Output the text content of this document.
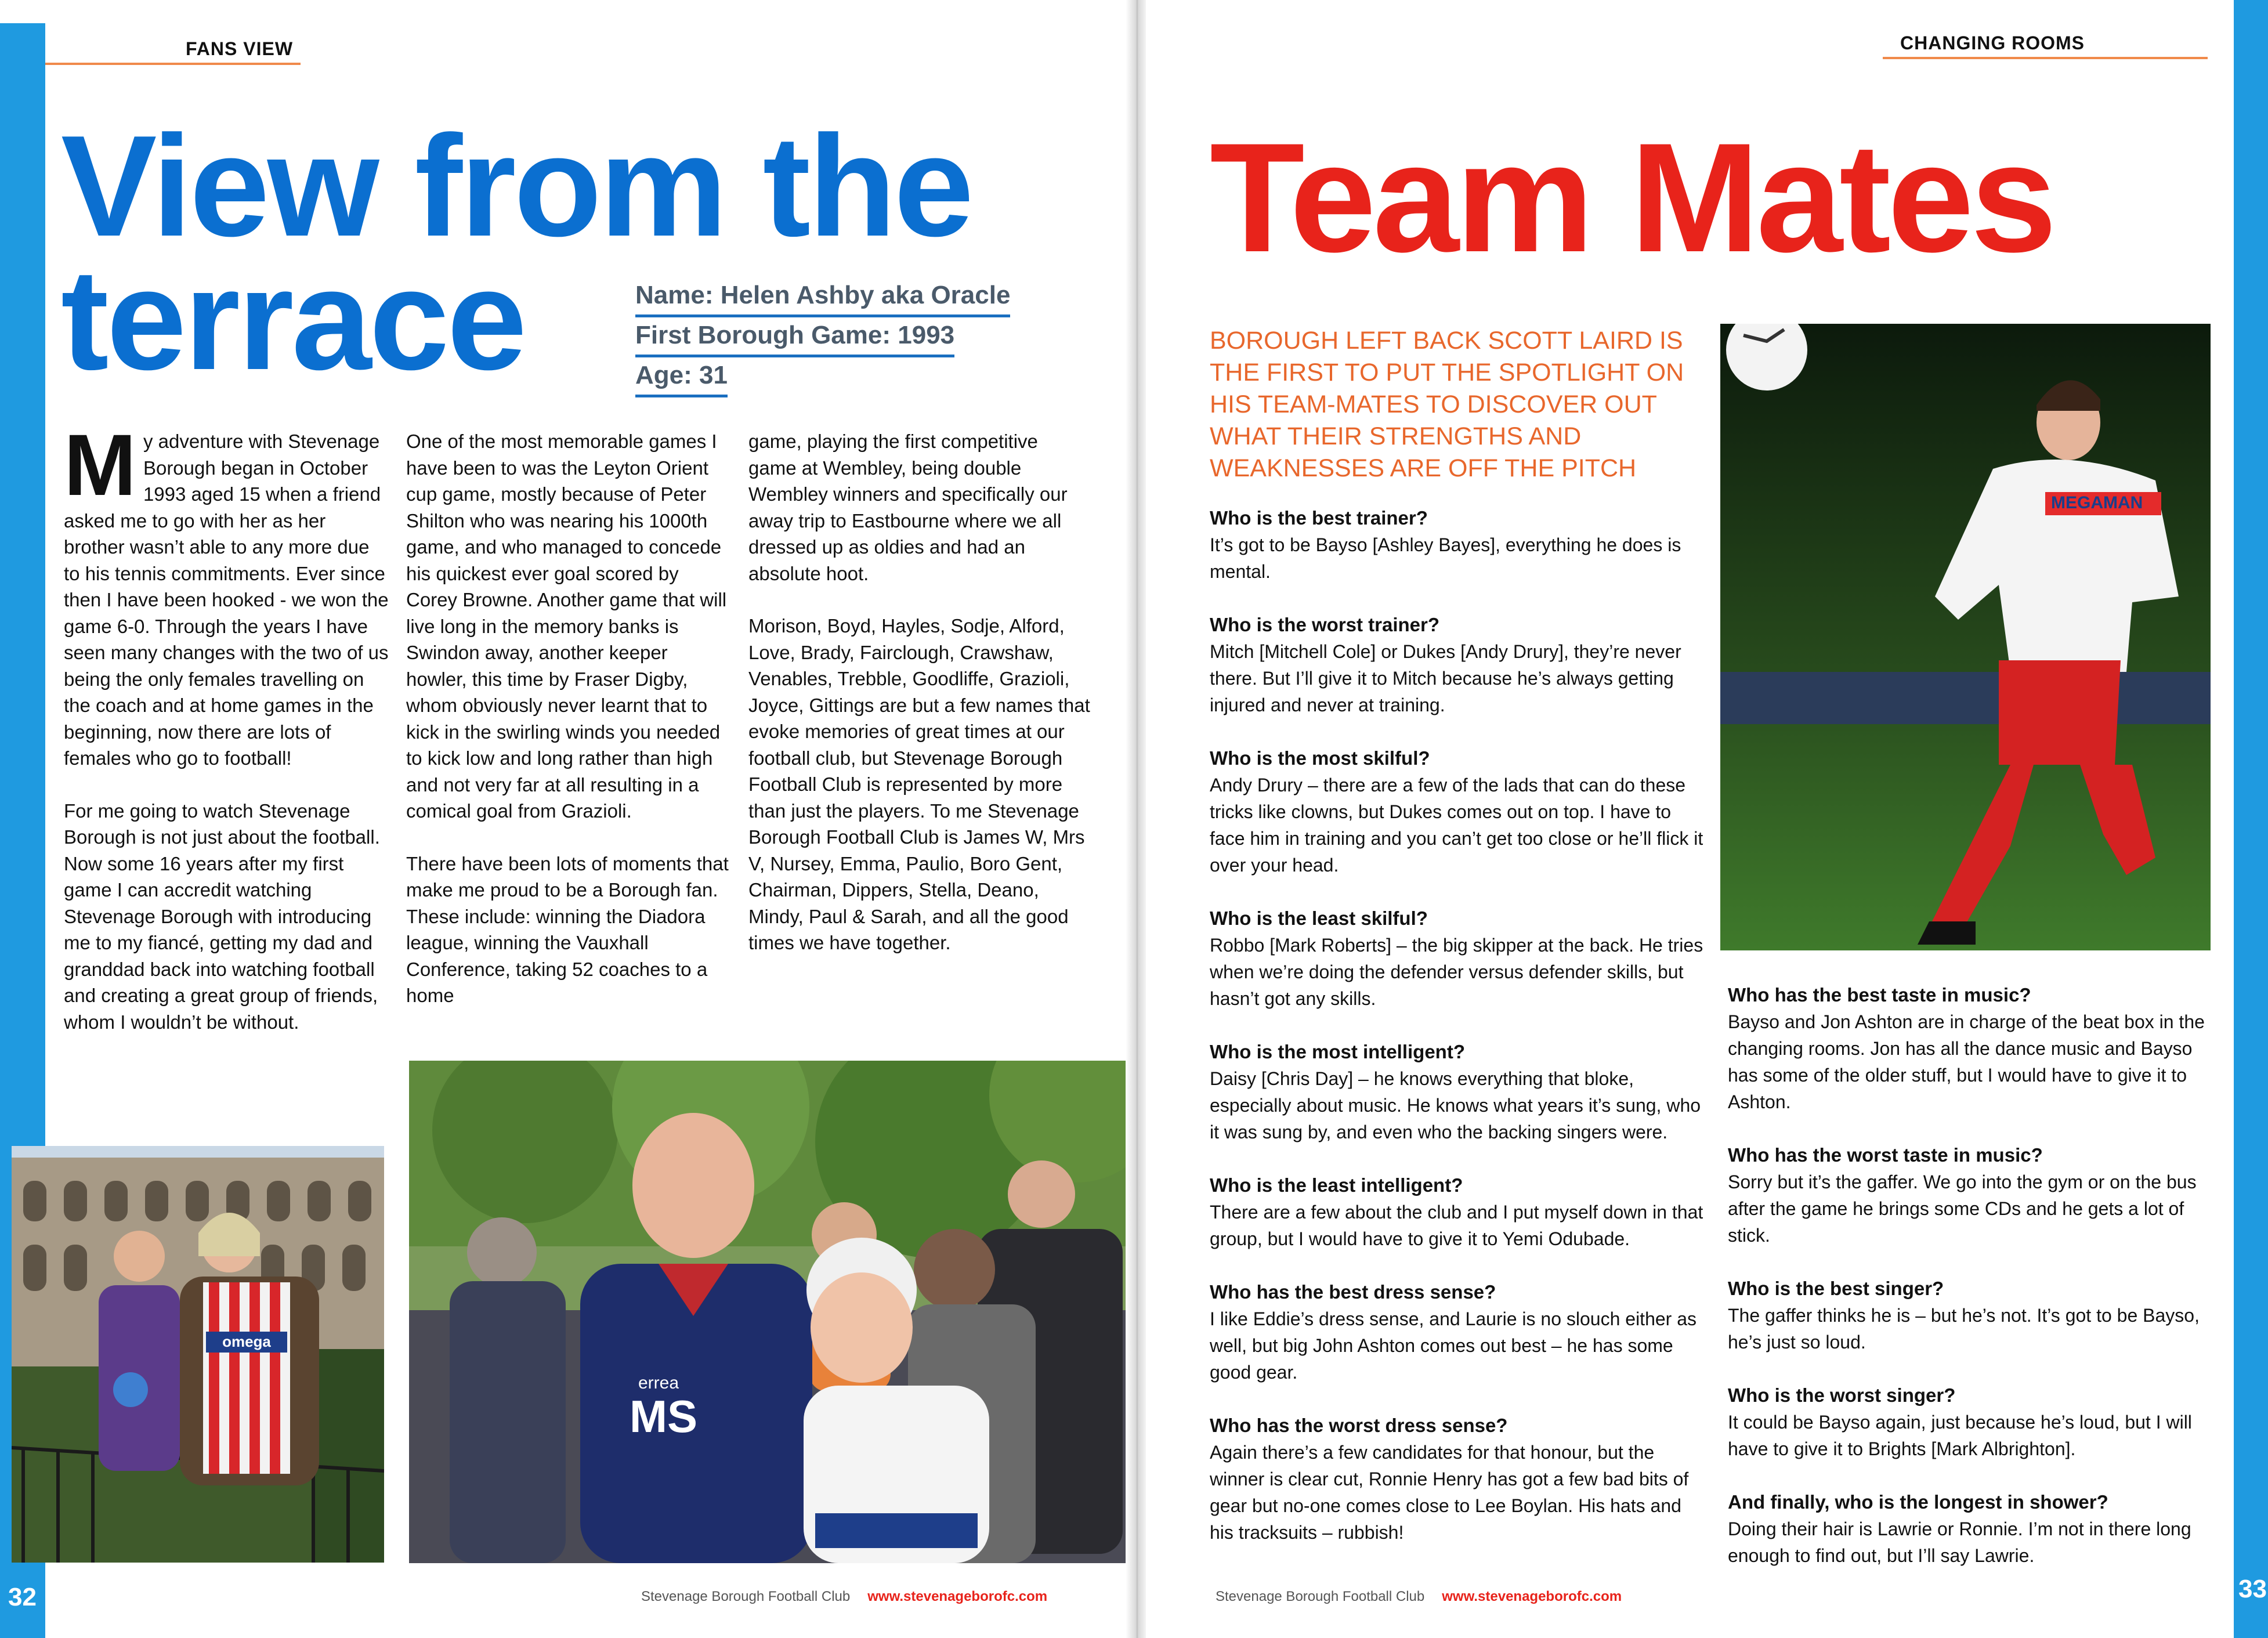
FANS VIEW
View from the
terrace	Name: Helen Ashby aka Oracle
First Borough Game: 1993
Age: 31

My adventure with Stevenage Borough began in October 1993 aged 15 when a friend asked me to go with her as her brother wasn’t able to any more due to his tennis commitments. Ever since then I have been hooked - we won the game 6-0. Through the years I have seen many changes with the two of us being the only females travelling on the coach and at home games in the beginning, now there are lots of females who go to football!

For me going to watch Stevenage Borough is not just about the football. Now some 16 years after my first game I can accredit watching Stevenage Borough with introducing me to my fiancé, getting my dad and granddad back into watching football and creating a great group of friends, whom I wouldn’t be without.

One of the most memorable games I have been to was the Leyton Orient cup game, mostly because of Peter Shilton who was nearing his 1000th game, and who managed to concede his quickest ever goal scored by Corey Browne. Another game that will live long in the memory banks is Swindon away, another keeper howler, this time by Fraser Digby, whom obviously never learnt that to kick in the swirling winds you needed to kick low and long rather than high and not very far at all resulting in a comical goal from Grazioli.

There have been lots of moments that make me proud to be a Borough fan. These include: winning the Diadora league, winning the Vauxhall Conference, taking 52 coaches to a home

game, playing the first competitive game at Wembley, being double Wembley winners and specifically our away trip to Eastbourne where we all dressed up as oldies and had an absolute hoot.

Morison, Boyd, Hayles, Sodje, Alford, Love, Brady, Fairclough, Crawshaw, Venables, Trebble, Goodliffe, Grazioli, Joyce, Gittings are but a few names that evoke memories of great times at our football club, but Stevenage Borough Football Club is represented by more than just the players. To me Stevenage Borough Football Club is James W, Mrs V, Nursey, Emma, Paulio, Boro Gent, Chairman, Dippers, Stella, Deano, Mindy, Paul & Sarah, and all the good times we have together.

omega
MS
errea
Stevenage Borough Football Club www.stevenageborofc.com
32
CHANGING ROOMS
Team Mates
BOROUGH LEFT BACK SCOTT LAIRD IS THE FIRST TO PUT THE SPOTLIGHT ON HIS TEAM-MATES TO DISCOVER OUT WHAT THEIR STRENGTHS AND WEAKNESSES ARE OFF THE PITCH
Who is the best trainer?

It’s got to be Bayso [Ashley Bayes], everything he does is mental.

Who is the worst trainer?

Mitch [Mitchell Cole] or Dukes [Andy Drury], they’re never there. But I’ll give it to Mitch because he’s always getting injured and never at training.

Who is the most skilful?

Andy Drury – there are a few of the lads that can do these tricks like clowns, but Dukes comes out on top. I have to face him in training and you can’t get too close or he’ll flick it over your head.

Who is the least skilful?

Robbo [Mark Roberts] – the big skipper at the back. He tries when we’re doing the defender versus defender skills, but hasn’t got any skills.

Who is the most intelligent?

Daisy [Chris Day] – he knows everything that bloke, especially about music. He knows what years it’s sung, who it was sung by, and even who the backing singers were.

Who is the least intelligent?

There are a few about the club and I put myself down in that group, but I would have to give it to Yemi Odubade.

Who has the best dress sense?

I like Eddie’s dress sense, and Laurie is no slouch either as well, but big John Ashton comes out best – he has some good gear.

Who has the worst dress sense?

Again there’s a few candidates for that honour, but the winner is clear cut, Ronnie Henry has got a few bad bits of gear but no-one comes close to Lee Boylan. His hats and his tracksuits – rubbish!

MEGAMAN
Who has the best taste in music?

Bayso and Jon Ashton are in charge of the beat box in the changing rooms. Jon has all the dance music and Bayso has some of the older stuff, but I would have to give it to Ashton.

Who has the worst taste in music?

Sorry but it’s the gaffer. We go into the gym or on the bus after the game he brings some CDs and he gets a lot of stick.

Who is the best singer?

The gaffer thinks he is – but he’s not. It’s got to be Bayso, he’s just so loud.

Who is the worst singer?

It could be Bayso again, just because he’s loud, but I will have to give it to Brights [Mark Albrighton].

And finally, who is the longest in shower?

Doing their hair is Lawrie or Ronnie. I’m not in there long enough to find out, but I’ll say Lawrie.

Stevenage Borough Football Club www.stevenageborofc.com	33
